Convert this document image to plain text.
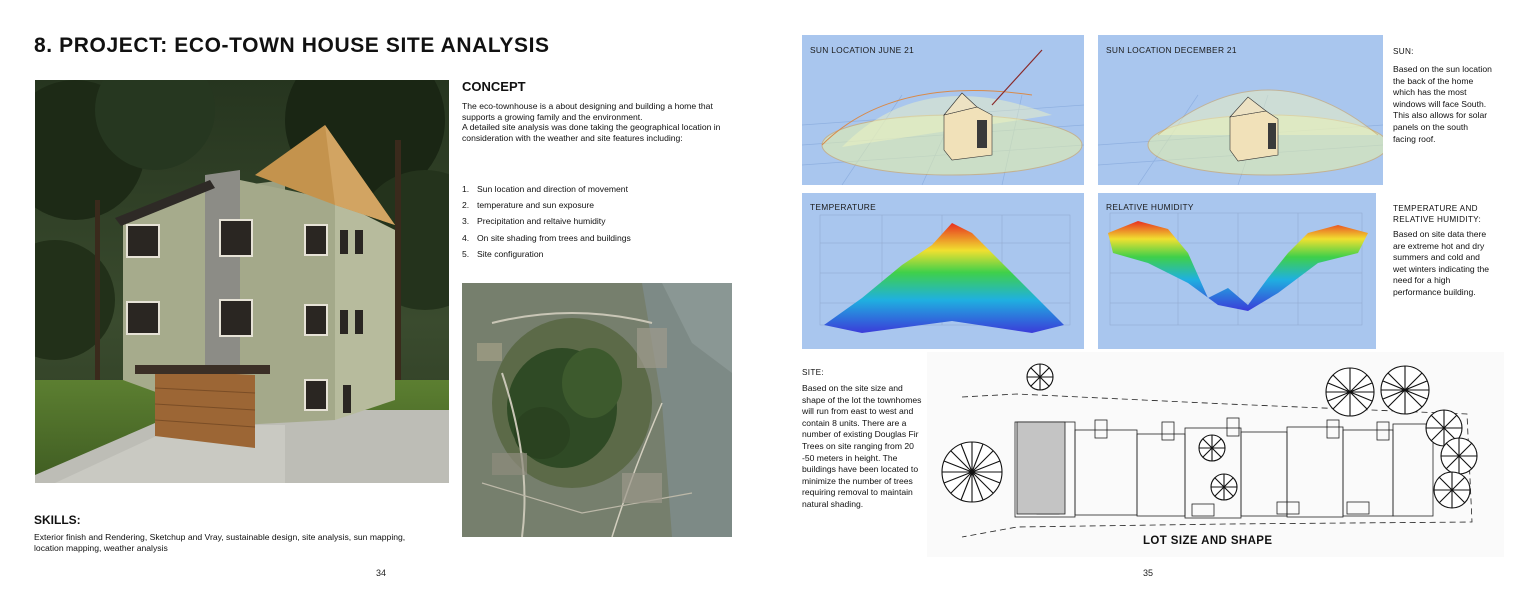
8. PROJECT: ECO-TOWN HOUSE SITE ANALYSIS
CONCEPT

The eco-townhouse is a about designing and building a home that supports a growing family and the environment.

A detailed site analysis was done taking the geographical location in consideration with the weather and site features including:

1. Sun location and direction of movement
2. temperature and sun exposure
3. Precipitation and reltaive humidity
4. On site shading from trees and buildings
5. Site configuration
SKILLS:
Exterior finish and Rendering, Sketchup and Vray, sustainable design, site analysis, sun mapping, location mapping, weather analysis
34
SUN LOCATION JUNE 21	SUN LOCATION DECEMBER 21	SUN:
Based on the sun location the back of the home which has the most windows will face South. This also allows for solar panels on the south facing roof.
TEMPERATURE	RELATIVE HUMIDITY	TEMPERATURE AND RELATIVE HUMIDITY:
Based on site data there are extreme hot and dry summers and cold and wet winters indicating the need for a high performance building.
SITE:
Based on the site size and shape of the lot the townhomes will run from east to west and contain 8 units. There are a number of existing Douglas Fir Trees on site ranging from 20 -50 meters in height. The buildings have been located to minimize the number of trees requiring removal to maintain natural shading.
LOT SIZE AND SHAPE
35
